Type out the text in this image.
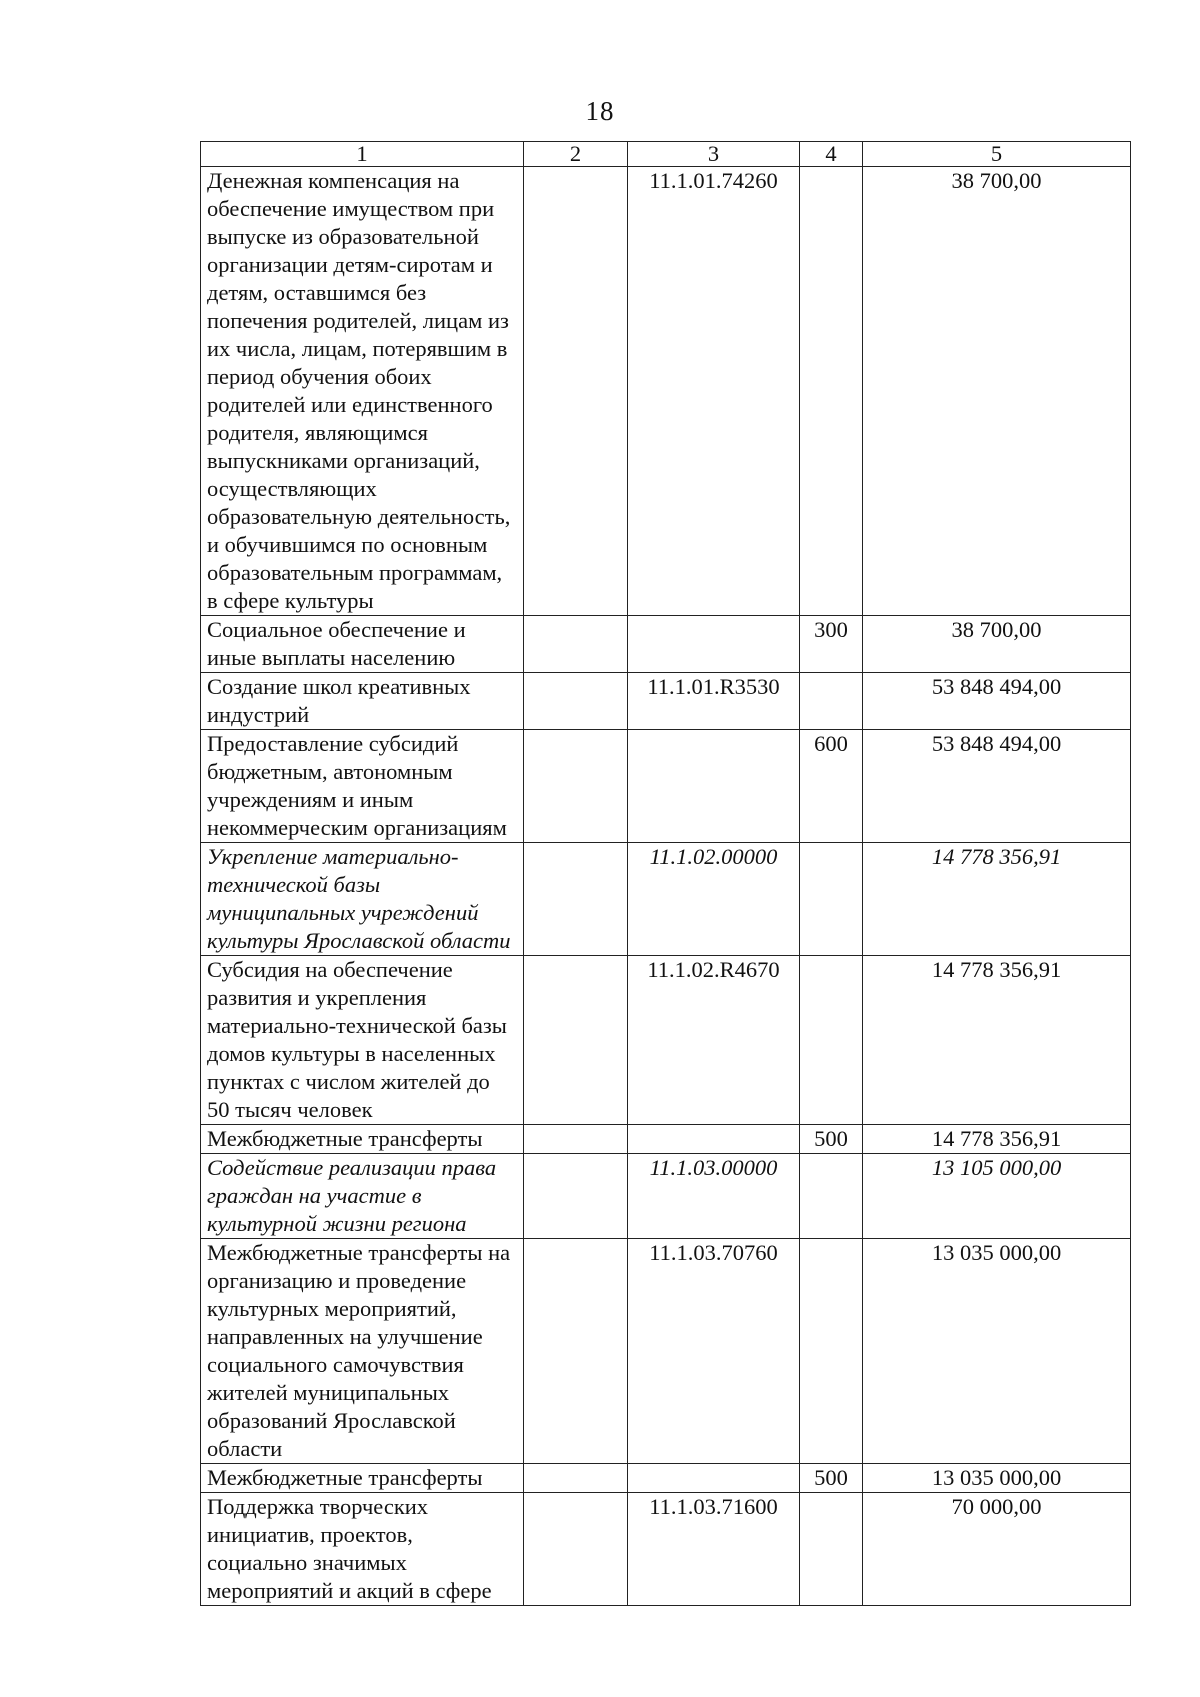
18
1	2	3	4	5
Денежная компенсация на обеспечение имуществом при выпуске из образовательной организации детям-сиротам и детям, оставшимся без попечения родителей, лицам из их числа, лицам, потерявшим в период обучения обоих родителей или единственного родителя, являющимся выпускниками организаций, осуществляющих образовательную деятельность, и обучившимся по основным образовательным программам, в сфере культуры		11.1.01.74260		38 700,00
Социальное обеспечение и иные выплаты населению			300	38 700,00
Создание школ креативных индустрий		11.1.01.R3530		53 848 494,00
Предоставление субсидий бюджетным, автономным учреждениям и иным некоммерческим организациям			600	53 848 494,00
Укрепление материально-технической базы муниципальных учреждений культуры Ярославской области		11.1.02.00000		14 778 356,91
Субсидия на обеспечение развития и укрепления материально-технической базы домов культуры в населенных пунктах с числом жителей до 50 тысяч человек		11.1.02.R4670		14 778 356,91
Межбюджетные трансферты			500	14 778 356,91
Содействие реализации права граждан на участие в культурной жизни региона		11.1.03.00000		13 105 000,00
Межбюджетные трансферты на организацию и проведение культурных мероприятий, направленных на улучшение социального самочувствия жителей муниципальных образований Ярославской области		11.1.03.70760		13 035 000,00
Межбюджетные трансферты			500	13 035 000,00
Поддержка творческих инициатив, проектов, социально значимых мероприятий и акций в сфере		11.1.03.71600		70 000,00
